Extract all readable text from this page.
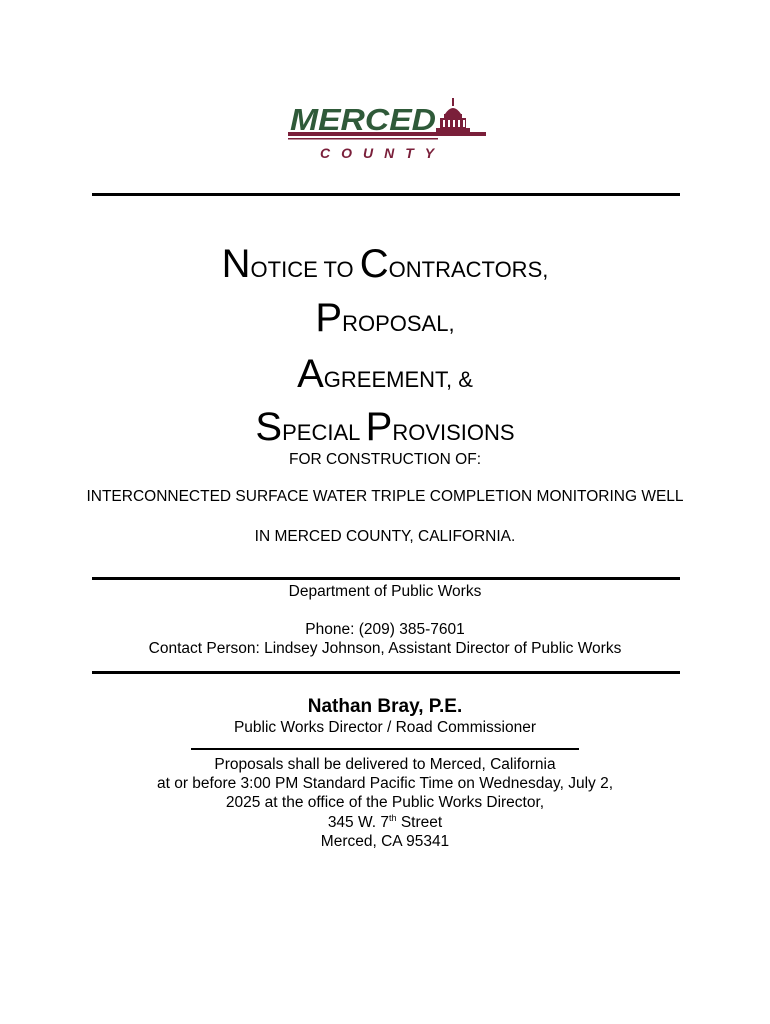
MERCED
COUNTY
NOTICE TO CONTRACTORS,
PROPOSAL,
AGREEMENT, &
SPECIAL PROVISIONS
FOR CONSTRUCTION OF:
INTERCONNECTED SURFACE WATER TRIPLE COMPLETION MONITORING WELL
IN MERCED COUNTY, CALIFORNIA.
Department of Public Works
Phone: (209) 385-7601
Contact Person: Lindsey Johnson, Assistant Director of Public Works
Nathan Bray, P.E.
Public Works Director / Road Commissioner
Proposals shall be delivered to Merced, California
at or before 3:00 PM Standard Pacific Time on Wednesday, July 2,
2025 at the office of the Public Works Director,
345 W. 7th Street
Merced, CA 95341
